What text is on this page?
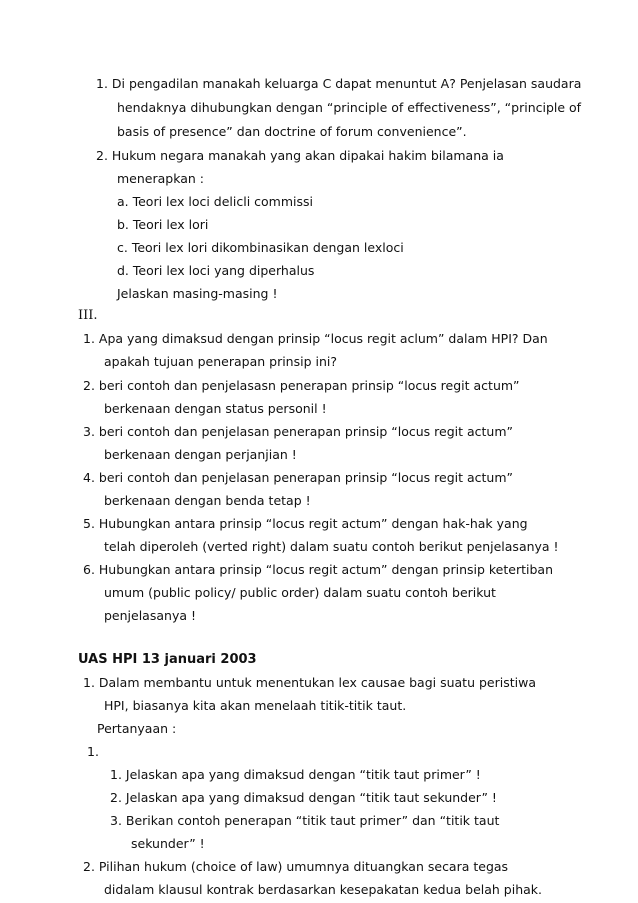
1. Di pengadilan manakah keluarga C dapat menuntut A? Penjelasan saudara
hendaknya dihubungkan dengan “principle of effectiveness”, “principle of
basis of presence” dan doctrine of forum convenience”.
2. Hukum negara manakah yang akan dipakai hakim bilamana ia
menerapkan :
a. Teori lex loci delicli commissi
b. Teori lex lori
c. Teori lex lori dikombinasikan dengan lexloci
d. Teori lex loci yang diperhalus
Jelaskan masing-masing !
III.
1. Apa yang dimaksud dengan prinsip “locus regit aclum” dalam HPI? Dan
apakah tujuan penerapan prinsip ini?
2. beri contoh dan penjelasasn penerapan prinsip “locus regit actum”
berkenaan dengan status personil !
3. beri contoh dan penjelasan penerapan prinsip “locus regit actum”
berkenaan dengan perjanjian !
4. beri contoh dan penjelasan penerapan prinsip “locus regit actum”
berkenaan dengan benda tetap !
5. Hubungkan antara prinsip “locus regit actum” dengan hak-hak yang
telah diperoleh (verted right) dalam suatu contoh berikut penjelasanya !
6. Hubungkan antara prinsip “locus regit actum” dengan prinsip ketertiban
umum (public policy/ public order) dalam suatu contoh berikut
penjelasanya !
UAS HPI 13 januari 2003
1. Dalam membantu untuk menentukan lex causae bagi suatu peristiwa
HPI, biasanya kita akan menelaah titik-titik taut.
Pertanyaan :
1.
1. Jelaskan apa yang dimaksud dengan “titik taut primer” !
2. Jelaskan apa yang dimaksud dengan “titik taut sekunder” !
3. Berikan contoh penerapan “titik taut primer” dan “titik taut
sekunder” !
2. Pilihan hukum (choice of law) umumnya dituangkan secara tegas
didalam klausul kontrak berdasarkan kesepakatan kedua belah pihak.
